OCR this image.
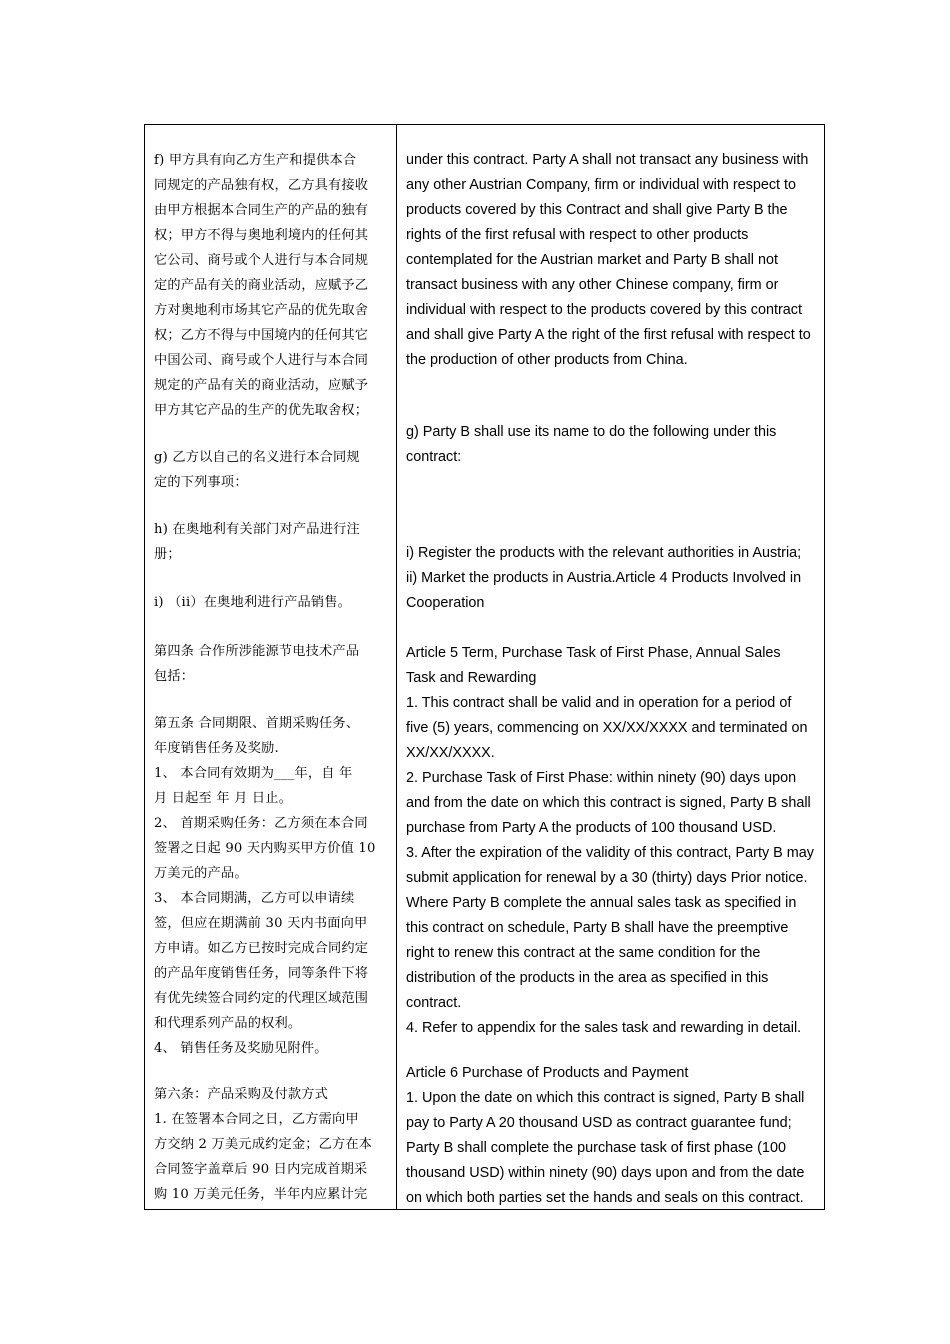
f) 甲方具有向乙方生产和提供本合
同规定的产品独有权，乙方具有接收
由甲方根据本合同生产的产品的独有
权；甲方不得与奥地利境内的任何其
它公司、商号或个人进行与本合同规
定的产品有关的商业活动，应赋予乙
方对奥地利市场其它产品的优先取舍
权；乙方不得与中国境内的任何其它
中国公司、商号或个人进行与本合同
规定的产品有关的商业活动，应赋予
甲方其它产品的生产的优先取舍权；

g) 乙方以自己的名义进行本合同规
定的下列事项：

h) 在奥地利有关部门对产品进行注
册；

i) （ii）在奥地利进行产品销售。

第四条 合作所涉能源节电技术产品
包括：

第五条 合同期限、首期采购任务、
年度销售任务及奖励.
1、 本合同有效期为___年，自 年
月 日起至 年 月 日止。
2、 首期采购任务：乙方须在本合同
签署之日起 90 天内购买甲方价值 10
万美元的产品。
3、 本合同期满，乙方可以申请续
签，但应在期满前 30 天内书面向甲
方申请。如乙方已按时完成合同约定
的产品年度销售任务，同等条件下将
有优先续签合同约定的代理区域范围
和代理系列产品的权利。
4、 销售任务及奖励见附件。

第六条：产品采购及付款方式
1. 在签署本合同之日，乙方需向甲
方交纳 2 万美元成约定金；乙方在本
合同签字盖章后 90 日内完成首期采
购 10 万美元任务，半年内应累计完

under this contract. Party A shall not transact any business with
any other Austrian Company, firm or individual with respect to
products covered by this Contract and shall give Party B the
rights of the first refusal with respect to other products
contemplated for the Austrian market and Party B shall not
transact business with any other Chinese company, firm or
individual with respect to the products covered by this contract
and shall give Party A the right of the first refusal with respect to
the production of other products from China.

g) Party B shall use its name to do the following under this
contract:

i) Register the products with the relevant authorities in Austria;
ii) Market the products in Austria.Article 4 Products Involved in
Cooperation

Article 5 Term, Purchase Task of First Phase, Annual Sales
Task and Rewarding
1. This contract shall be valid and in operation for a period of
five (5) years, commencing on XX/XX/XXXX and terminated on
XX/XX/XXXX.
2. Purchase Task of First Phase: within ninety (90) days upon
and from the date on which this contract is signed, Party B shall
purchase from Party A the products of 100 thousand USD.
3. After the expiration of the validity of this contract, Party B may
submit application for renewal by a 30 (thirty) days Prior notice.
Where Party B complete the annual sales task as specified in
this contract on schedule, Party B shall have the preemptive
right to renew this contract at the same condition for the
distribution of the products in the area as specified in this
contract.
4. Refer to appendix for the sales task and rewarding in detail.

Article 6 Purchase of Products and Payment
1. Upon the date on which this contract is signed, Party B shall
pay to Party A 20 thousand USD as contract guarantee fund;
Party B shall complete the purchase task of first phase (100
thousand USD) within ninety (90) days upon and from the date
on which both parties set the hands and seals on this contract.
